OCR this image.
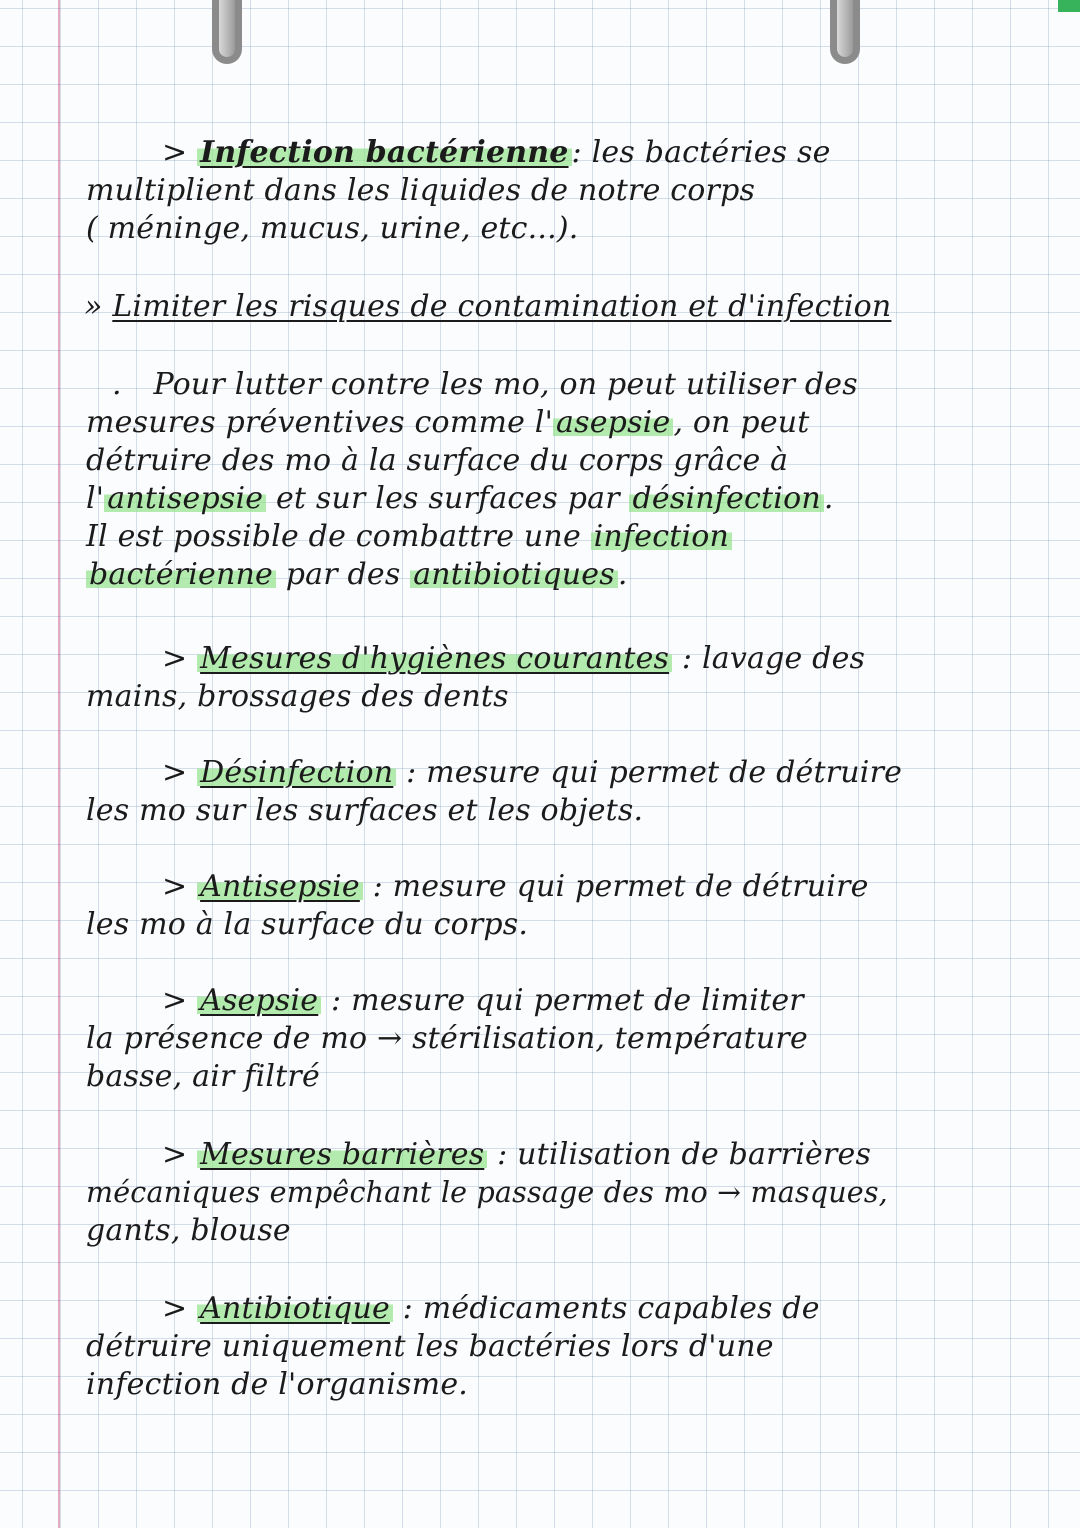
> Infection bactérienne : les bactéries se
multiplient dans les liquides de notre corps
( méninge, mucus, urine, etc...).
» Limiter les risques de contamination et d'infection
. Pour lutter contre les mo, on peut utiliser des
mesures préventives comme l' asepsie , on peut
détruire des mo à la surface du corps grâce à
l' antisepsie et sur les surfaces par désinfection .
Il est possible de combattre une infection
bactérienne par des antibiotiques .
> Mesures d'hygiènes courantes : lavage des
mains, brossages des dents
> Désinfection : mesure qui permet de détruire
les mo sur les surfaces et les objets.
> Antisepsie : mesure qui permet de détruire
les mo à la surface du corps.
> Asepsie : mesure qui permet de limiter
la présence de mo → stérilisation, température
basse, air filtré
> Mesures barrières : utilisation de barrières
mécaniques empêchant le passage des mo → masques,
gants, blouse
> Antibiotique : médicaments capables de
détruire uniquement les bactéries lors d'une
infection de l'organisme.
